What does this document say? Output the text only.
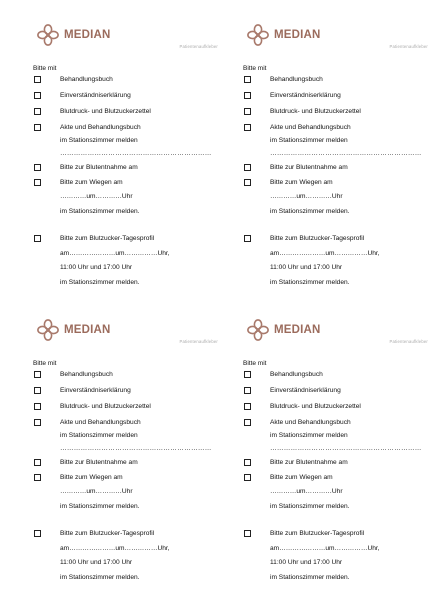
MEDIAN
Patientenaufkleber
Bitte mit
Behandlungsbuch
Einverständniserklärung
Blutdruck- und Blutzuckerzettel
Akte und Behandlungsbuch
im Stationszimmer melden
…………………………………………………………
Bitte zur Blutentnahme am
Bitte zum Wiegen am
…………um…………Uhr
im Stationszimmer melden.
Bitte zum Blutzucker-Tagesprofil
am…………………um……………Uhr,
11:00 Uhr und 17:00 Uhr
im Stationszimmer melden.
MEDIAN
Patientenaufkleber
Bitte mit
Behandlungsbuch
Einverständniserklärung
Blutdruck- und Blutzuckerzettel
Akte und Behandlungsbuch
im Stationszimmer melden
…………………………………………………………
Bitte zur Blutentnahme am
Bitte zum Wiegen am
…………um…………Uhr
im Stationszimmer melden.
Bitte zum Blutzucker-Tagesprofil
am…………………um……………Uhr,
11:00 Uhr und 17:00 Uhr
im Stationszimmer melden.
MEDIAN
Patientenaufkleber
Bitte mit
Behandlungsbuch
Einverständniserklärung
Blutdruck- und Blutzuckerzettel
Akte und Behandlungsbuch
im Stationszimmer melden
…………………………………………………………
Bitte zur Blutentnahme am
Bitte zum Wiegen am
…………um…………Uhr
im Stationszimmer melden.
Bitte zum Blutzucker-Tagesprofil
am…………………um……………Uhr,
11:00 Uhr und 17:00 Uhr
im Stationszimmer melden.
MEDIAN
Patientenaufkleber
Bitte mit
Behandlungsbuch
Einverständniserklärung
Blutdruck- und Blutzuckerzettel
Akte und Behandlungsbuch
im Stationszimmer melden
…………………………………………………………
Bitte zur Blutentnahme am
Bitte zum Wiegen am
…………um…………Uhr
im Stationszimmer melden.
Bitte zum Blutzucker-Tagesprofil
am…………………um……………Uhr,
11:00 Uhr und 17:00 Uhr
im Stationszimmer melden.
